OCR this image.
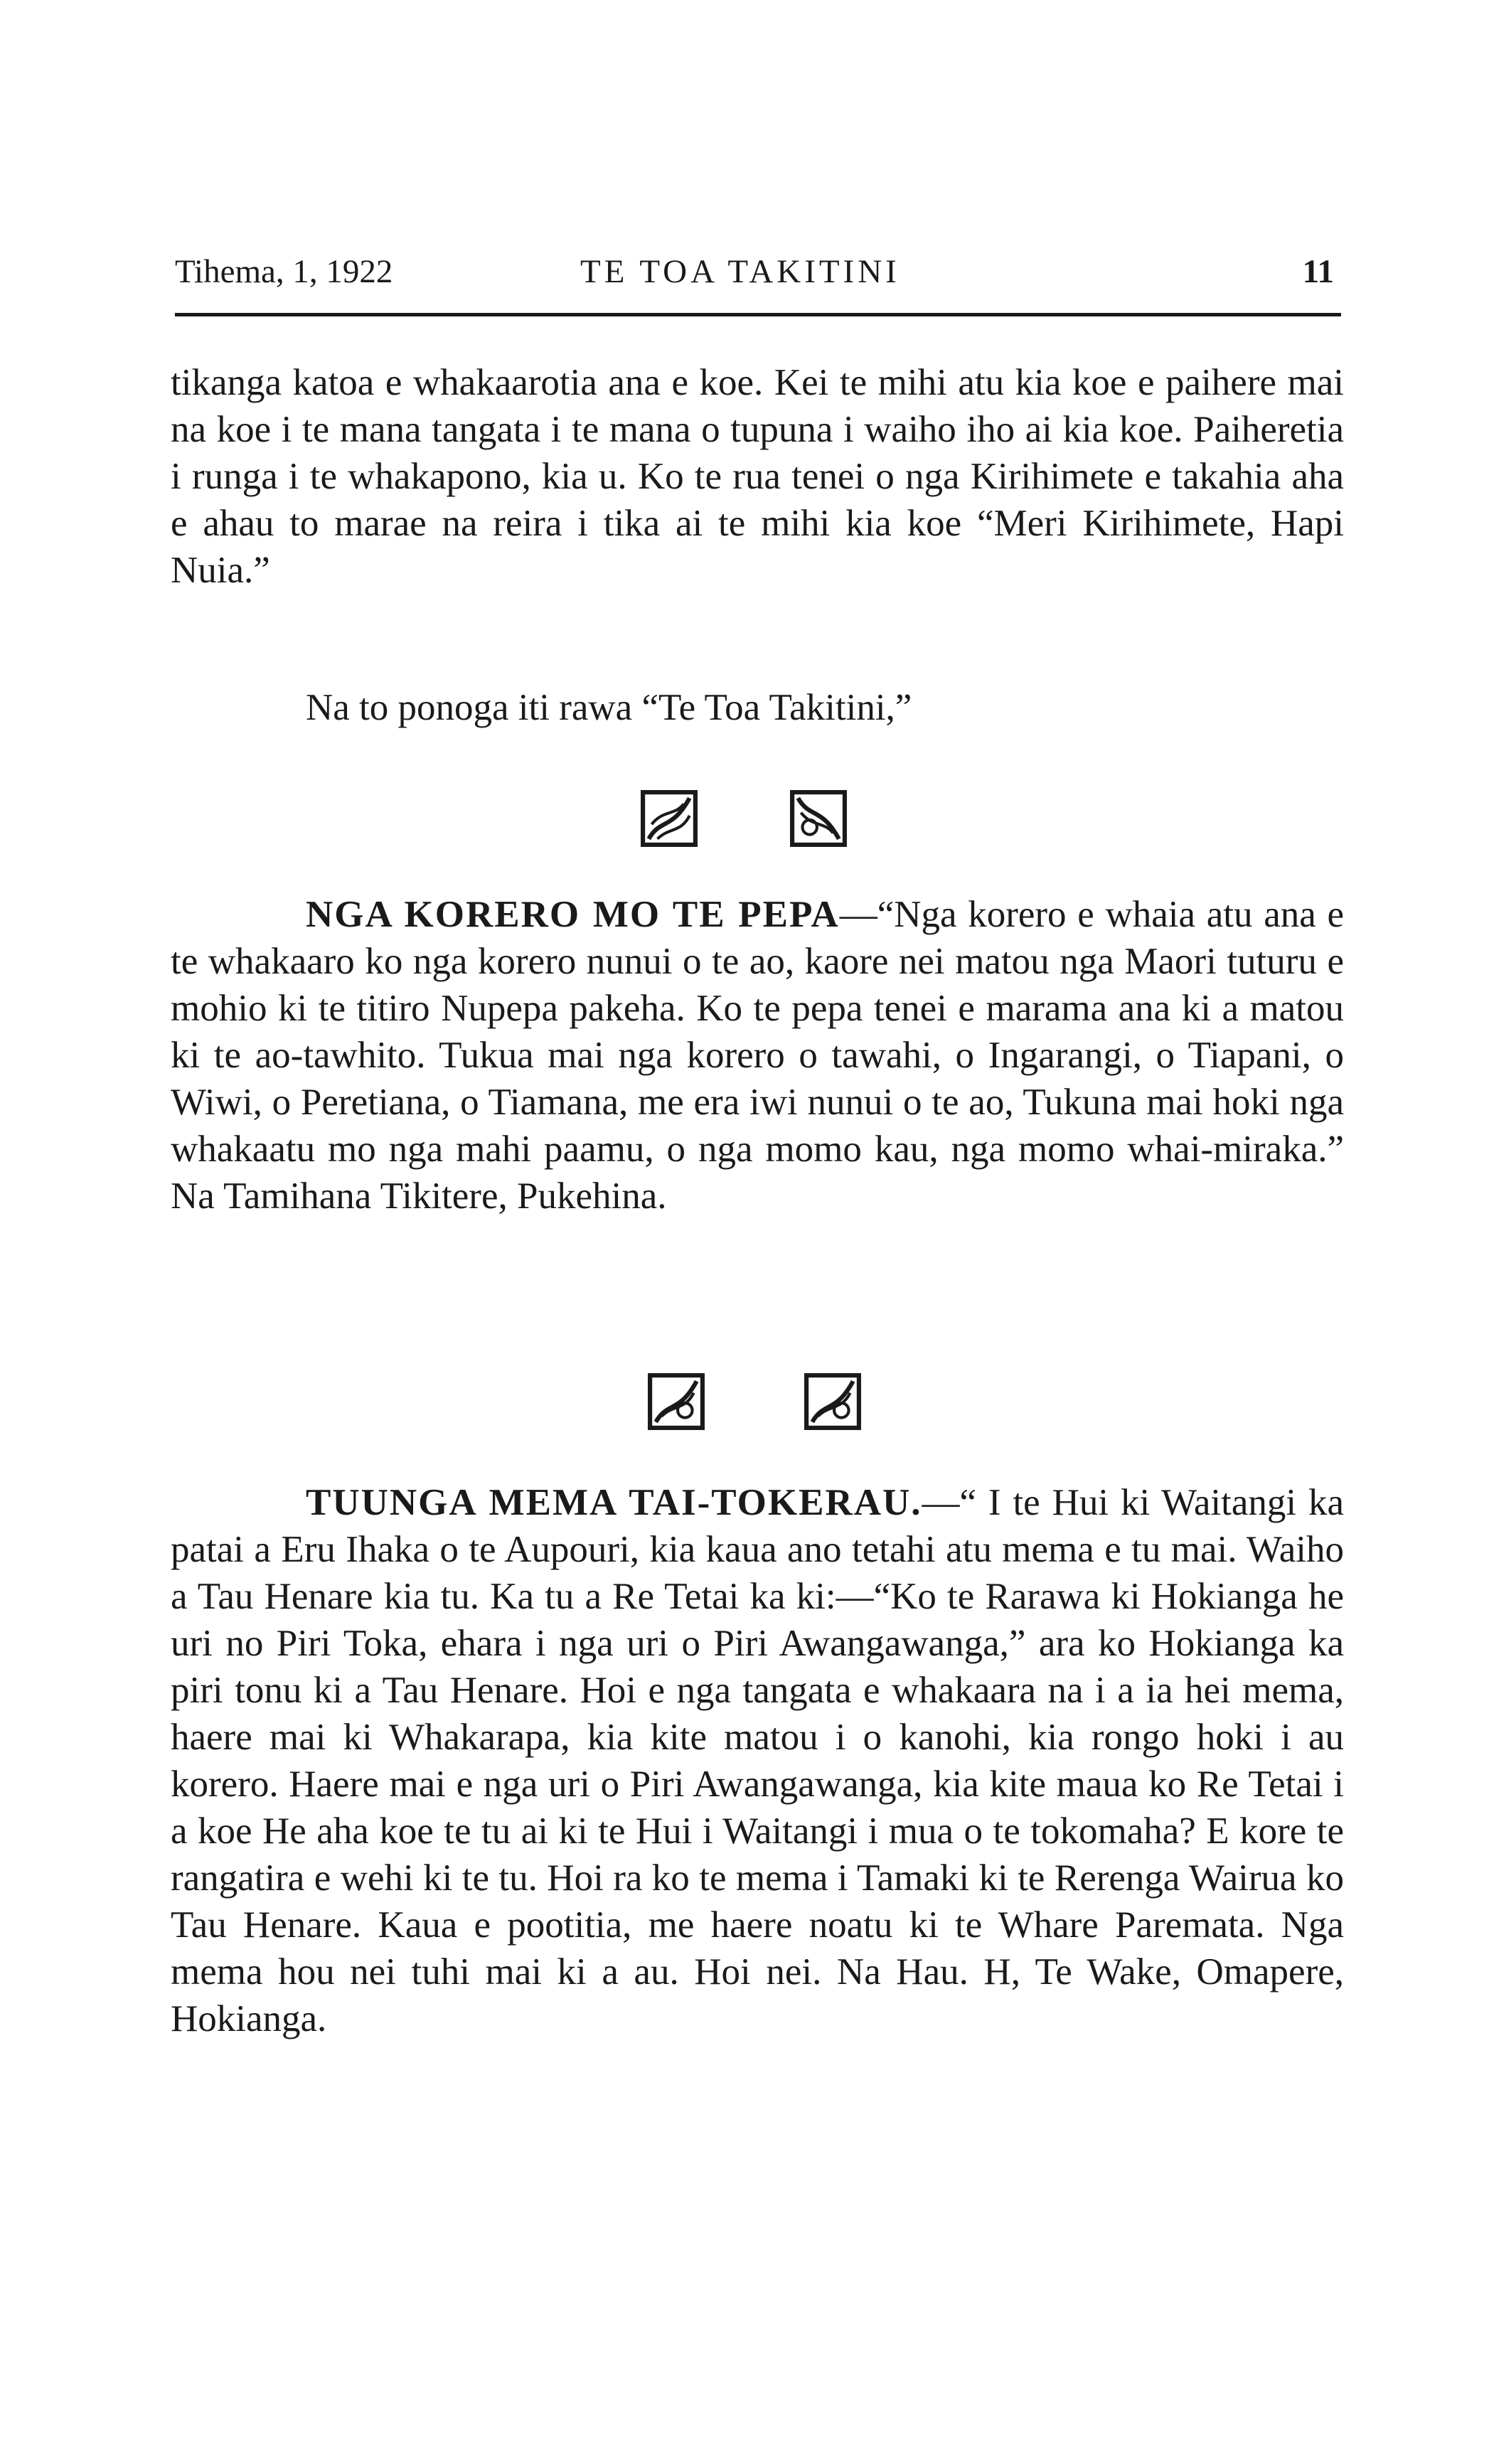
Tihema, 1, 1922	TE TOA TAKITINI	11

tikanga katoa e whakaarotia ana e koe. Kei te mihi atu kia koe e paihere mai na koe i te mana tangata i te mana o tupuna i waiho iho ai kia koe. Paiheretia i runga i te whakapono, kia u. Ko te rua tenei o nga Kirihimete e takahia aha e ahau to marae na reira i tika ai te mihi kia koe “Meri Kirihimete, Hapi Nuia.”

Na to ponoga iti rawa “Te Toa Takitini,”

NGA KORERO MO TE PEPA—“Nga korero e whaia atu ana e te whakaaro ko nga korero nunui o te ao, kaore nei matou nga Maori tuturu e mohio ki te titiro Nupepa pakeha. Ko te pepa tenei e marama ana ki a matou ki te ao-tawhito. Tukua mai nga korero o tawahi, o Ingarangi, o Tiapani, o Wiwi, o Peretiana, o Tiamana, me era iwi nunui o te ao, Tukuna mai hoki nga whakaatu mo nga mahi paamu, o nga momo kau, nga momo whai-miraka.” Na Tamihana Tikitere, Pukehina.

TUUNGA MEMA TAI-TOKERAU.—“ I te Hui ki Waitangi ka patai a Eru Ihaka o te Aupouri, kia kaua ano tetahi atu mema e tu mai. Waiho a Tau Henare kia tu. Ka tu a Re Tetai ka ki:—“Ko te Rarawa ki Hokianga he uri no Piri Toka, ehara i nga uri o Piri Awangawanga,” ara ko Hokianga ka piri tonu ki a Tau Henare. Hoi e nga tangata e whakaara na i a ia hei mema, haere mai ki Whakarapa, kia kite matou i o kanohi, kia rongo hoki i au korero. Haere mai e nga uri o Piri Awangawanga, kia kite maua ko Re Tetai i a koe He aha koe te tu ai ki te Hui i Waitangi i mua o te tokomaha? E kore te rangatira e wehi ki te tu. Hoi ra ko te mema i Tamaki ki te Rerenga Wairua ko Tau Henare. Kaua e pootitia, me haere noatu ki te Whare Paremata. Nga mema hou nei tuhi mai ki a au. Hoi nei. Na Hau. H, Te Wake, Omapere, Hokianga.
